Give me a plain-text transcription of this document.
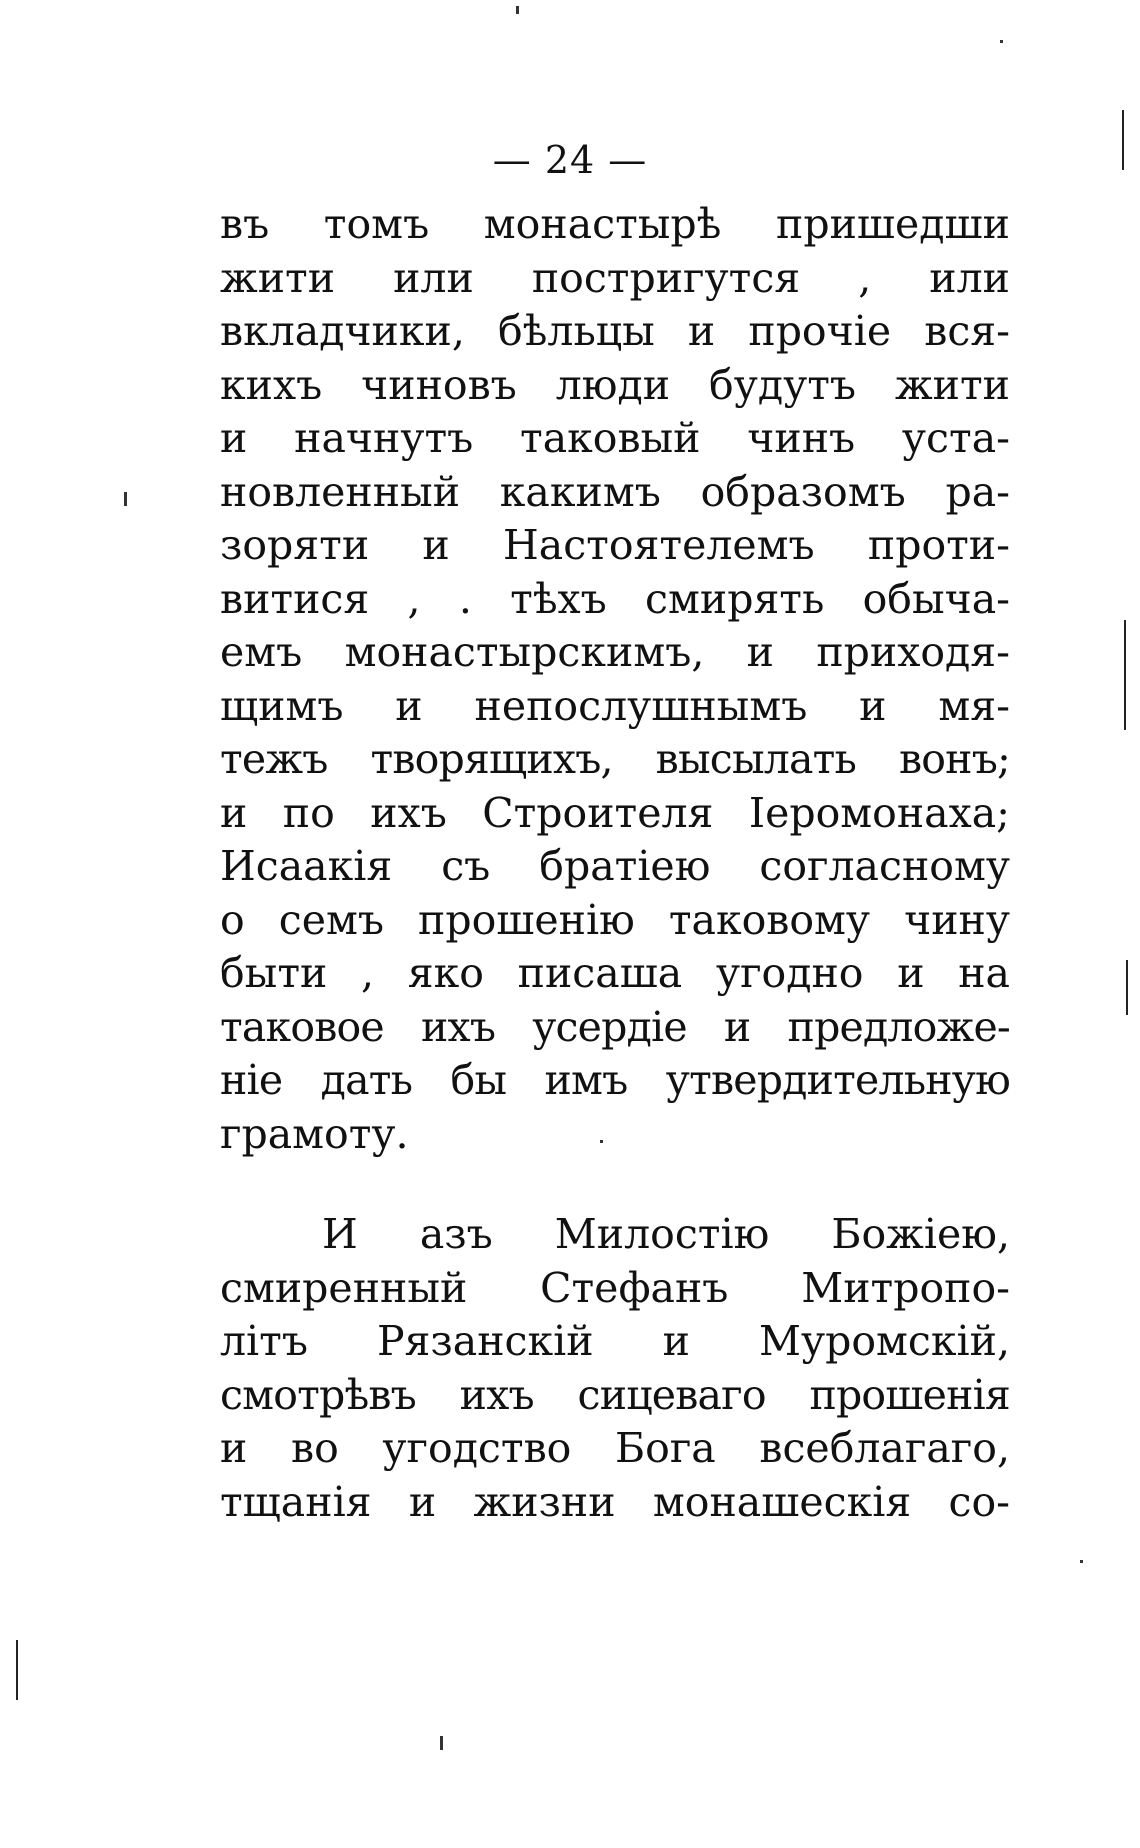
— 24 —
въ томъ монастырѣ пришедши
жити или постригутся , или
вкладчики, бѣльцы и прочіе вся-
кихъ чиновъ люди будутъ жити
и начнутъ таковый чинъ уста-
новленный какимъ образомъ ра-
зоряти и Настоятелемъ проти-
витися , . тѣхъ смирять обыча-
емъ монастырскимъ, и приходя-
щимъ и непослушнымъ и мя-
тежъ творящихъ, высылать вонъ;
и по ихъ Строителя Іеромонаха;
Исаакія съ братіею согласному
о семъ прошенію таковому чину
быти , яко писаша угодно и на
таковое ихъ усердіе и предложе-
ніе дать бы имъ утвердительную
грамоту.
И азъ Милостію Божіею,
смиренный Стефанъ Митропо-
літъ Рязанскій и Муромскій,
смотрѣвъ ихъ сицеваго прошенія
и во угодство Бога всеблагаго,
тщанія и жизни монашескія со-
